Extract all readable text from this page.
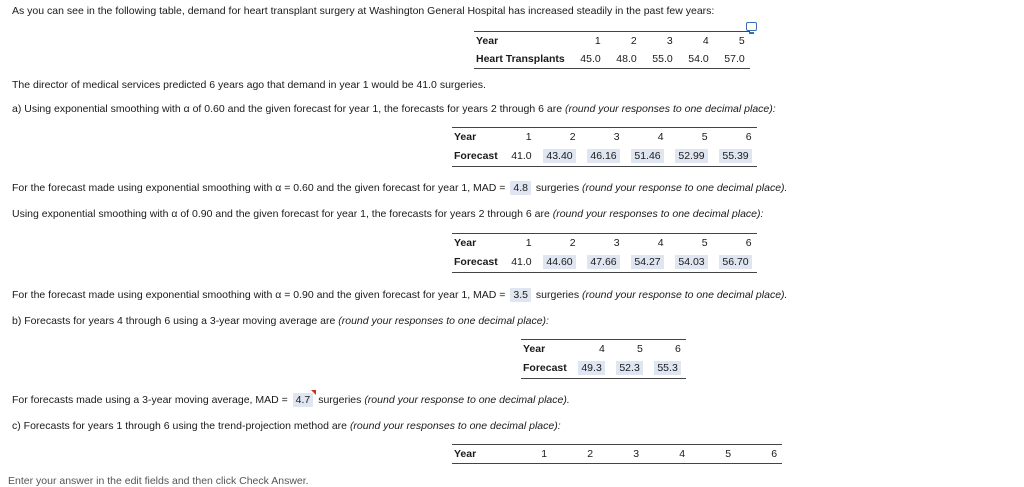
As you can see in the following table, demand for heart transplant surgery at Washington General Hospital has increased steadily in the past few years:
Year	1	2	3	4	5
Heart Transplants	45.0	48.0	55.0	54.0	57.0
The director of medical services predicted 6 years ago that demand in year 1 would be 41.0 surgeries.
a) Using exponential smoothing with α of 0.60 and the given forecast for year 1, the forecasts for years 2 through 6 are (round your responses to one decimal place):
Year	1	2	3	4	5	6
Forecast	41.0	43.40	46.16	51.46	52.99	55.39
For the forecast made using exponential smoothing with α = 0.60 and the given forecast for year 1, MAD = 4.8 surgeries (round your response to one decimal place).
Using exponential smoothing with α of 0.90 and the given forecast for year 1, the forecasts for years 2 through 6 are (round your responses to one decimal place):
Year	1	2	3	4	5	6
Forecast	41.0	44.60	47.66	54.27	54.03	56.70
For the forecast made using exponential smoothing with α = 0.90 and the given forecast for year 1, MAD = 3.5 surgeries (round your response to one decimal place).
b) Forecasts for years 4 through 6 using a 3-year moving average are (round your responses to one decimal place):
Year	4	5	6
Forecast	49.3	52.3	55.3
For forecasts made using a 3-year moving average, MAD = 4.7 surgeries (round your response to one decimal place).
c) Forecasts for years 1 through 6 using the trend-projection method are (round your responses to one decimal place):
Year	1	2	3	4	5	6
Enter your answer in the edit fields and then click Check Answer.
